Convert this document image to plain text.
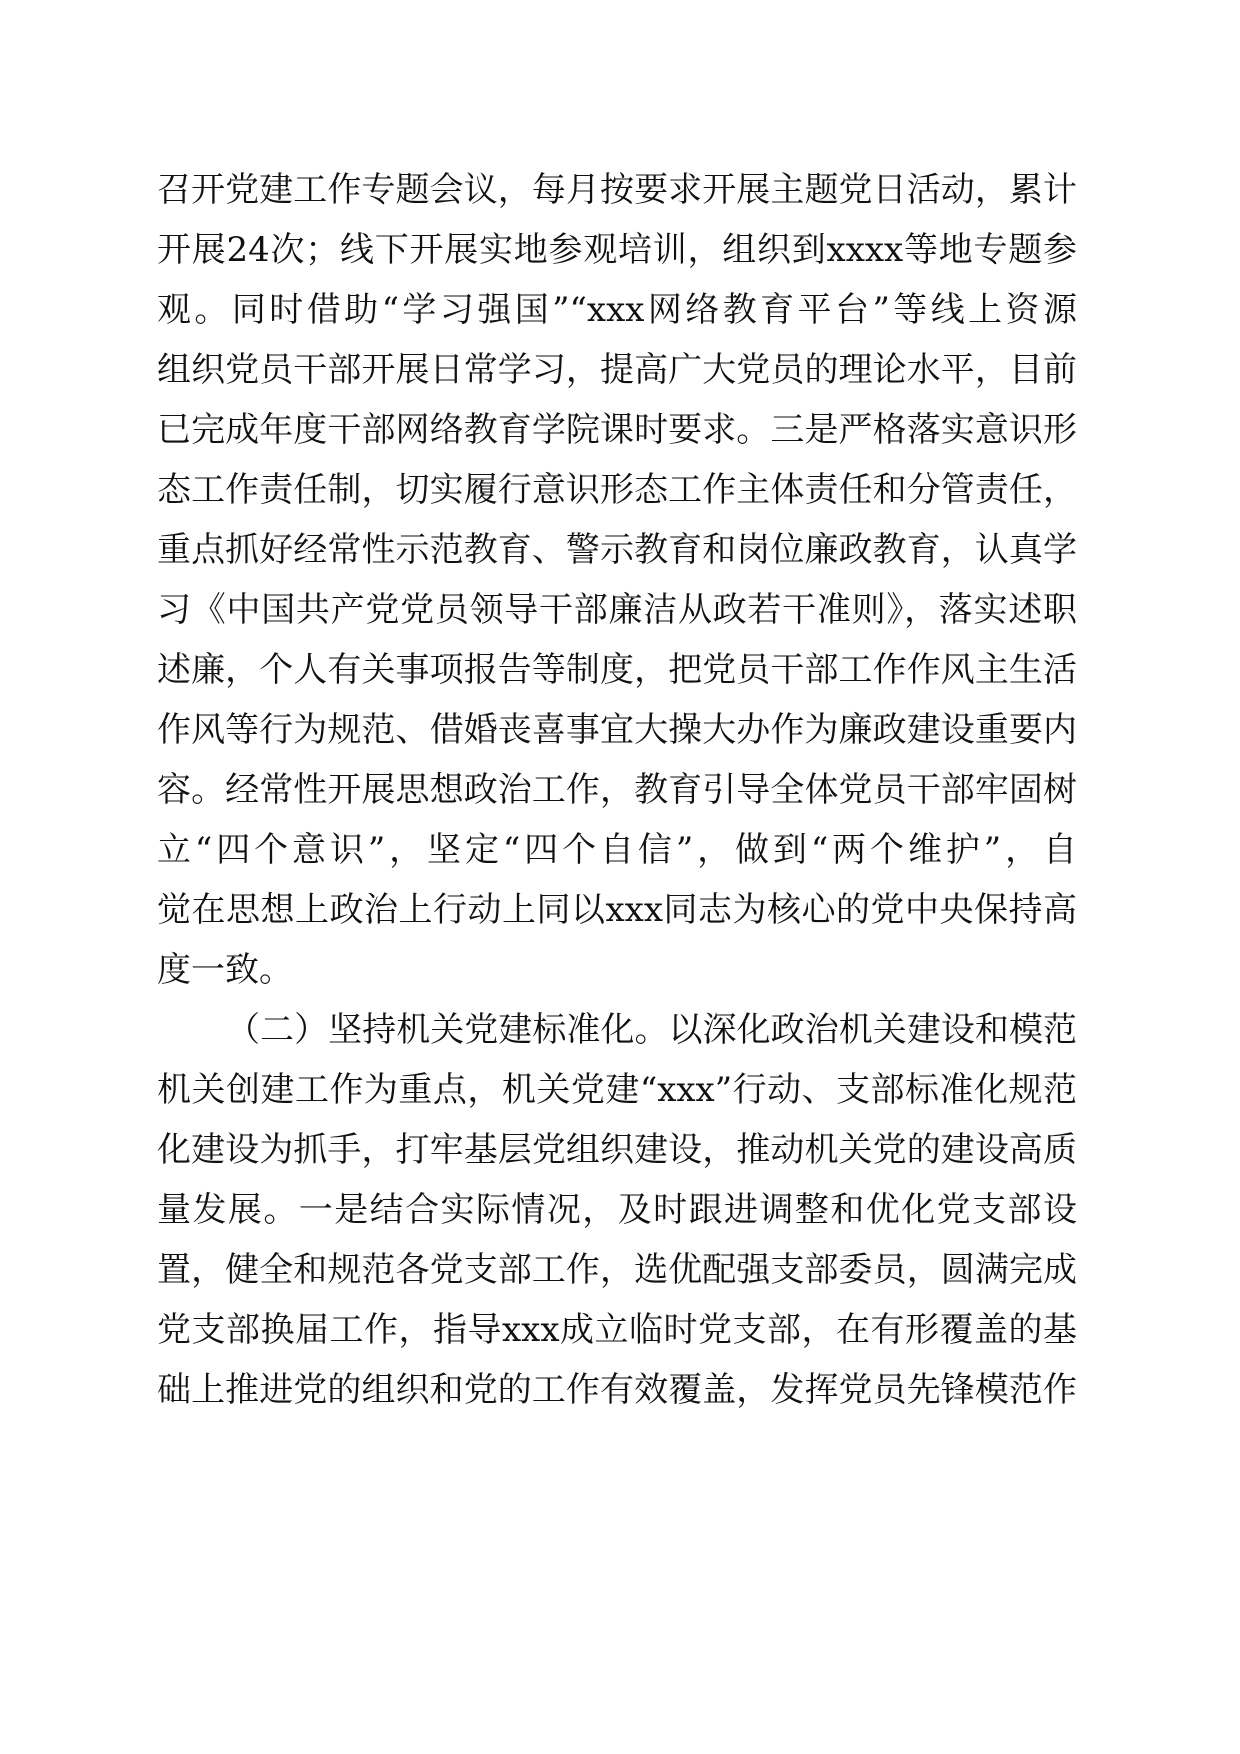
召开党建工作专题会议，每月按要求开展主题党日活动，累计
开展24次；线下开展实地参观培训，组织到xxxx等地专题参
观。同时借助“学习强国”“xxx网络教育平台”等线上资源
组织党员干部开展日常学习，提高广大党员的理论水平，目前
已完成年度干部网络教育学院课时要求。三是严格落实意识形
态工作责任制，切实履行意识形态工作主体责任和分管责任，
重点抓好经常性示范教育、警示教育和岗位廉政教育，认真学
习《中国共产党党员领导干部廉洁从政若干准则》，落实述职
述廉，个人有关事项报告等制度，把党员干部工作作风主生活
作风等行为规范、借婚丧喜事宜大操大办作为廉政建设重要内
容。经常性开展思想政治工作，教育引导全体党员干部牢固树
立“四个意识”，坚定“四个自信”，做到“两个维护”，自
觉在思想上政治上行动上同以xxx同志为核心的党中央保持高
度一致。
（二）坚持机关党建标准化。以深化政治机关建设和模范
机关创建工作为重点，机关党建“xxx”行动、支部标准化规范
化建设为抓手，打牢基层党组织建设，推动机关党的建设高质
量发展。一是结合实际情况，及时跟进调整和优化党支部设
置，健全和规范各党支部工作，选优配强支部委员，圆满完成
党支部换届工作，指导xxx成立临时党支部，在有形覆盖的基
础上推进党的组织和党的工作有效覆盖，发挥党员先锋模范作
